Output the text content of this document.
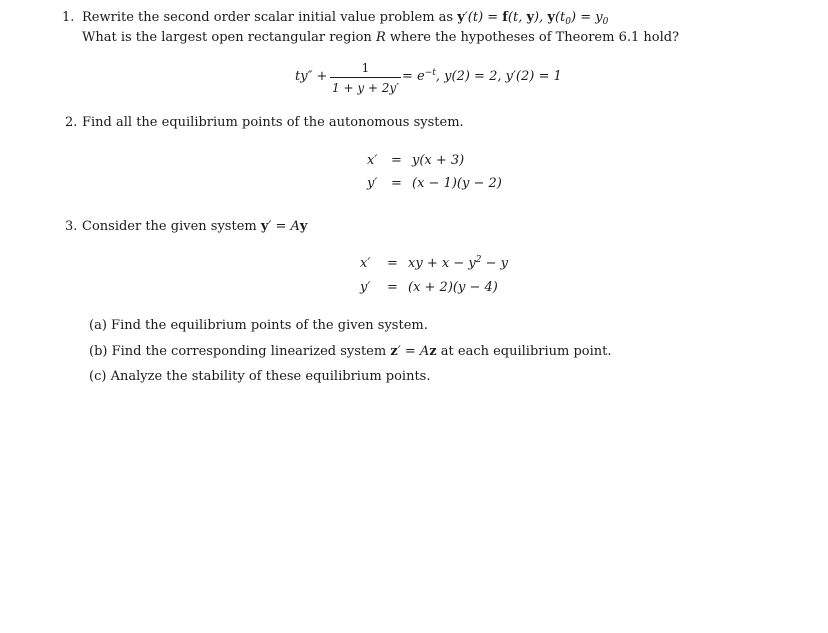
1. Rewrite the second order scalar initial value problem as y′(t) = f(t, y), $y(t_0) = y_0$
What is the largest open rectangular region R where the hypotheses of Theorem 6.1 hold?
$ty'' + \frac{1}{1 + y + 2y'} = e^{-t}$, y(2) = 2, y′(2) = 1
2. Find all the equilibrium points of the autonomous system.
x′ = y(x + 3)
y′ = (x − 1)(y − 2)
3. Consider the given system y′ = Ay
x′ = xy + $x - y^2 - y$
y′ = (x + 2)(y − 4)
(a) Find the equilibrium points of the given system.
(b) Find the corresponding linearized system z′ = Az at each equilibrium point.
(c) Analyze the stability of these equilibrium points.
